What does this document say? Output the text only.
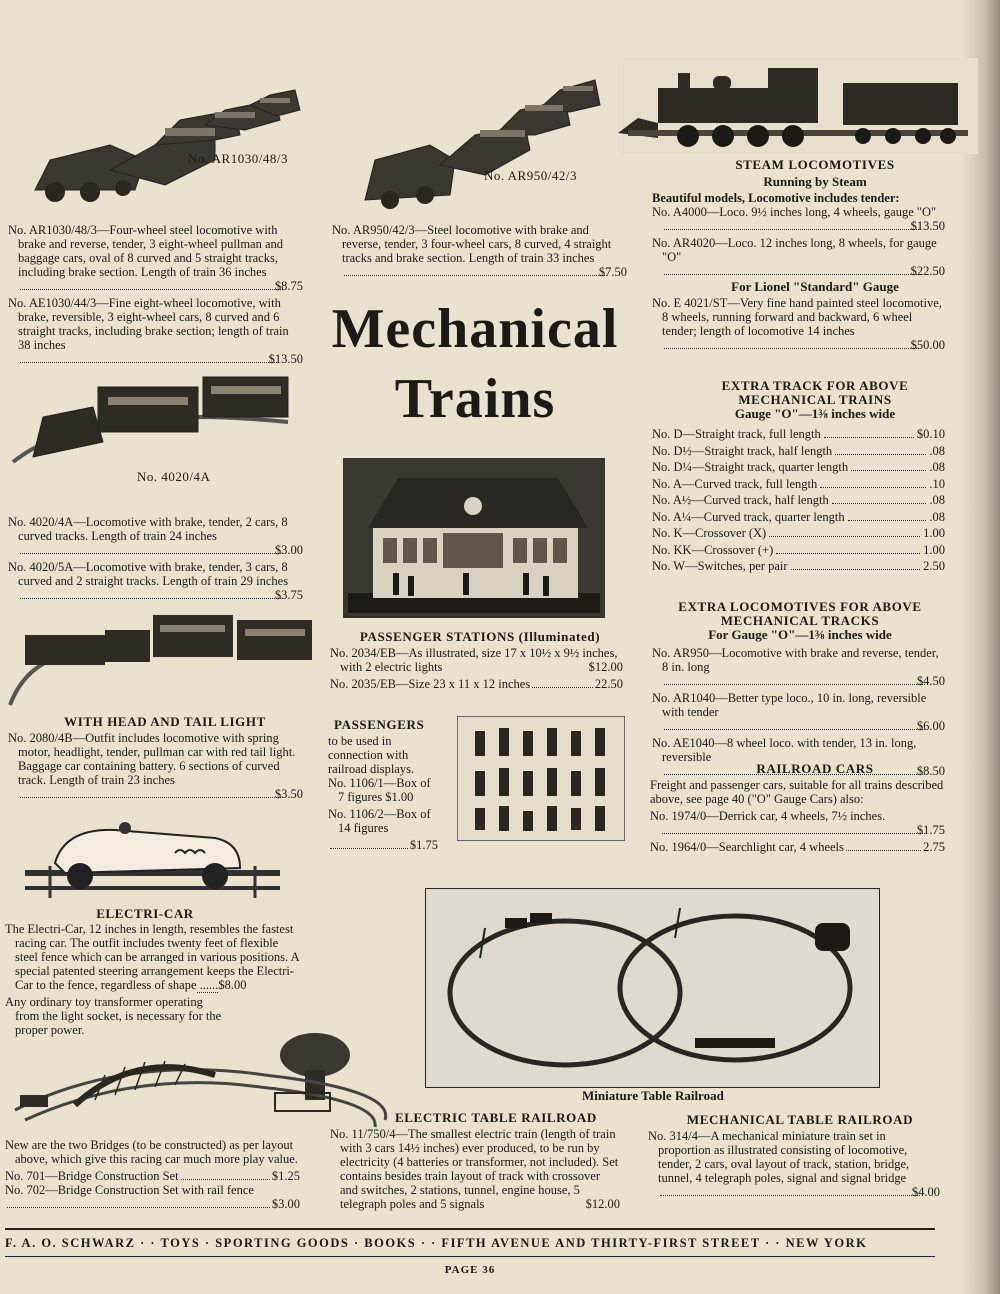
No. AR1030/48/3
No. AR950/42/3
No. AR1030/48/3—Four-wheel steel locomotive with brake and reverse, tender, 3 eight-wheel pullman and baggage cars, oval of 8 curved and 5 straight tracks, including brake section. Length of train 36 inches
$8.75
No. AE1030/44/3—Fine eight-wheel locomotive, with brake, reversible, 3 eight-wheel cars, 8 curved and 6 straight tracks, including brake section; length of train 38 inches
$13.50
No. 4020/4A
No. 4020/4A—Locomotive with brake, tender, 2 cars, 8 curved tracks. Length of train 24 inches
$3.00
No. 4020/5A—Locomotive with brake, tender, 3 cars, 8 curved and 2 straight tracks. Length of train 29 inches
$3.75
WITH HEAD AND TAIL LIGHT
No. 2080/4B—Outfit includes locomotive with spring motor, headlight, tender, pullman car with red tail light. Baggage car containing battery. 6 sections of curved track. Length of train 23 inches
$3.50
ELECTRI-CAR
The Electri-Car, 12 inches in length, resembles the fastest racing car. The outfit includes twenty feet of flexible steel fence which can be arranged in various positions. A special patented steering arrangement keeps the Electri-Car to the fence, regardless of shape ......$8.00
Any ordinary toy transformer operating from the light socket, is necessary for the proper power.
New are the two Bridges (to be constructed) as per layout above, which give this racing car much more play value.
No. 701—Bridge Construction Set	$1.25
No. 702—Bridge Construction Set with rail fence
$3.00
No. AR950/42/3—Steel locomotive with brake and reverse, tender, 3 four-wheel cars, 8 curved, 4 straight tracks and brake section. Length of train 33 inches
$7.50
Mechanical
Trains
PASSENGER STATIONS (Illuminated)
No. 2034/EB—As illustrated, size 17 x 10½ x 9½ inches, with 2 electric lights	$12.00
No. 2035/EB—Size 23 x 11 x 12 inches	22.50
PASSENGERS
to be used in connection with railroad displays.
No. 1106/1—Box of 7 figures $1.00
No. 1106/2—Box of 14 figures
$1.75
Miniature Table Railroad
ELECTRIC TABLE RAILROAD
No. 11/750/4—The smallest electric train (length of train with 3 cars 14½ inches) ever produced, to be run by electricity (4 batteries or transformer, not included). Set contains besides train layout of track with crossover and switches, 2 stations, tunnel, engine house, 5 telegraph poles and 5 signals	$12.00
STEAM LOCOMOTIVES
Running by Steam
Beautiful models, Locomotive includes tender:
No. A4000—Loco. 9½ inches long, 4 wheels, gauge "O"
$13.50
No. AR4020—Loco. 12 inches long, 8 wheels, for gauge "O"
$22.50
For Lionel "Standard" Gauge
No. E 4021/ST—Very fine hand painted steel locomotive, 8 wheels, running forward and backward, 6 wheel tender; length of locomotive 14 inches
$50.00
EXTRA TRACK FOR ABOVE
MECHANICAL TRAINS
Gauge "O"—1⅜ inches wide
No. D—Straight track, full length	$0.10
No. D½—Straight track, half length	.08
No. D¼—Straight track, quarter length	.08
No. A—Curved track, full length	.10
No. A½—Curved track, half length	.08
No. A¼—Curved track, quarter length	.08
No. K—Crossover (X)	1.00
No. KK—Crossover (+)	1.00
No. W—Switches, per pair	2.50
EXTRA LOCOMOTIVES FOR ABOVE
MECHANICAL TRACKS
For Gauge "O"—1⅜ inches wide
No. AR950—Locomotive with brake and reverse, tender, 8 in. long
$4.50
No. AR1040—Better type loco., 10 in. long, reversible with tender
$6.00
No. AE1040—8 wheel loco. with tender, 13 in. long, reversible
$8.50
RAILROAD CARS
Freight and passenger cars, suitable for all trains described above, see page 40 ("O" Gauge Cars) also:
No. 1974/0—Derrick car, 4 wheels, 7½ inches.
$1.75
No. 1964/0—Searchlight car, 4 wheels	2.75
MECHANICAL TABLE RAILROAD
No. 314/4—A mechanical miniature train set in proportion as illustrated consisting of locomotive, tender, 2 cars, oval layout of track, station, bridge, tunnel, 4 telegraph poles, signal and signal bridge
$4.00
F. A. O. SCHWARZ · · TOYS · SPORTING GOODS · BOOKS · · FIFTH AVENUE AND THIRTY-FIRST STREET · · NEW YORK
PAGE 36
